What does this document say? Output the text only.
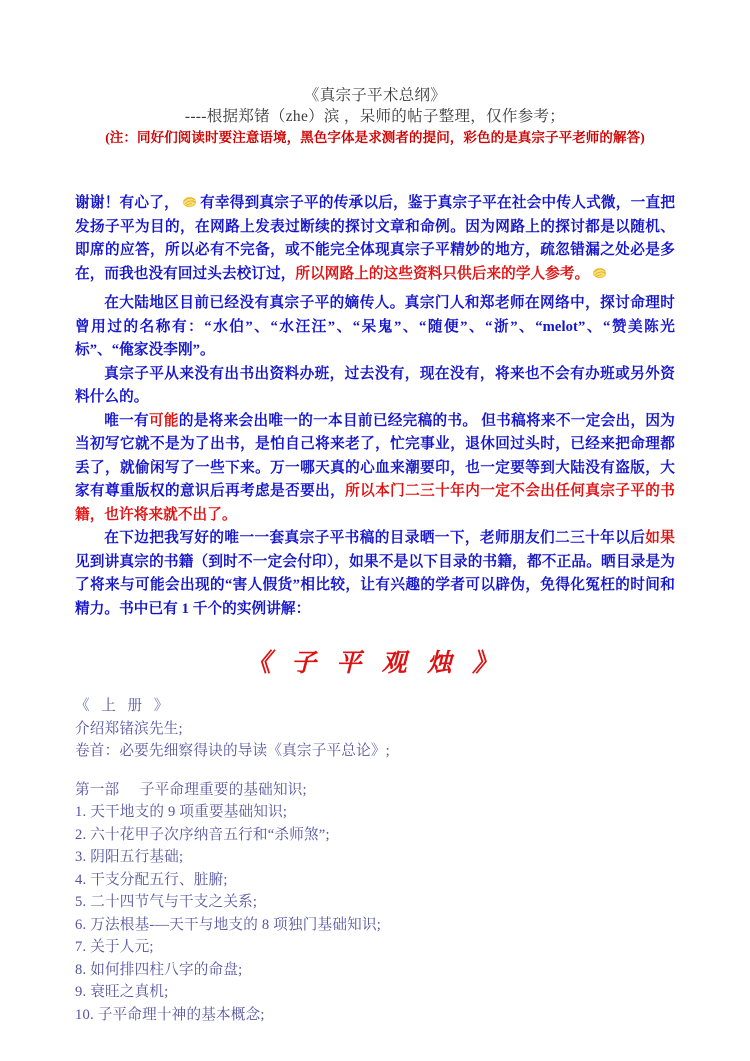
《真宗子平术总纲》
----根据郑锗（zhe）滨 ，呆师的帖子整理，仅作参考；
(注：同好们阅读时要注意语境，黑色字体是求测者的提问，彩色的是真宗子平老师的解答)

谢谢！有心了， 有幸得到真宗子平的传承以后，鉴于真宗子平在社会中传人式微，一直把发扬子平为目的，在网路上发表过断续的探讨文章和命例。因为网路上的探讨都是以随机、即席的应答，所以必有不完备，或不能完全体现真宗子平精妙的地方，疏忽错漏之处必是多在，而我也没有回过头去校订过，所以网路上的这些资料只供后来的学人参考。

在大陆地区目前已经没有真宗子平的嫡传人。真宗门人和郑老师在网络中，探讨命理时曾用过的名称有：“水伯”、“水汪汪”、“呆鬼”、“随便”、“浙”、“melot”、“赞美陈光标”、“俺家没李刚”。

真宗子平从来没有出书出资料办班，过去没有，现在没有，将来也不会有办班或另外资料什么的。

唯一有可能的是将来会出唯一的一本目前已经完稿的书。 但书稿将来不一定会出，因为当初写它就不是为了出书，是怕自己将来老了，忙完事业，退休回过头时，已经来把命理都丢了，就偷闲写了一些下来。万一哪天真的心血来潮要印，也一定要等到大陆没有盗版，大家有尊重版权的意识后再考虑是否要出，所以本门二三十年内一定不会出任何真宗子平的书籍，也许将来就不出了。

在下边把我写好的唯一一套真宗子平书稿的目录晒一下，老师朋友们二三十年以后如果见到讲真宗的书籍（到时不一定会付印），如果不是以下目录的书籍，都不正品。晒目录是为了将来与可能会出现的“害人假货”相比较，让有兴趣的学者可以辟伪，免得化冤枉的时间和精力。书中已有 1 千个的实例讲解：

《 子 平 观 烛 》
《 上 册 》
介绍郑锗滨先生;
卷首：必要先细察得诀的导读《真宗子平总论》;
第一部 子平命理重要的基础知识;
1. 天干地支的 9 项重要基础知识;
2. 六十花甲子次序纳音五行和“杀师煞”;
3. 阴阳五行基础;
4. 干支分配五行、脏腑;
5. 二十四节气与干支之关系;
6. 万法根基-—天干与地支的 8 项独门基础知识;
7. 关于人元;
8. 如何排四柱八字的命盘;
9. 衰旺之真机;
10. 子平命理十神的基本概念;
